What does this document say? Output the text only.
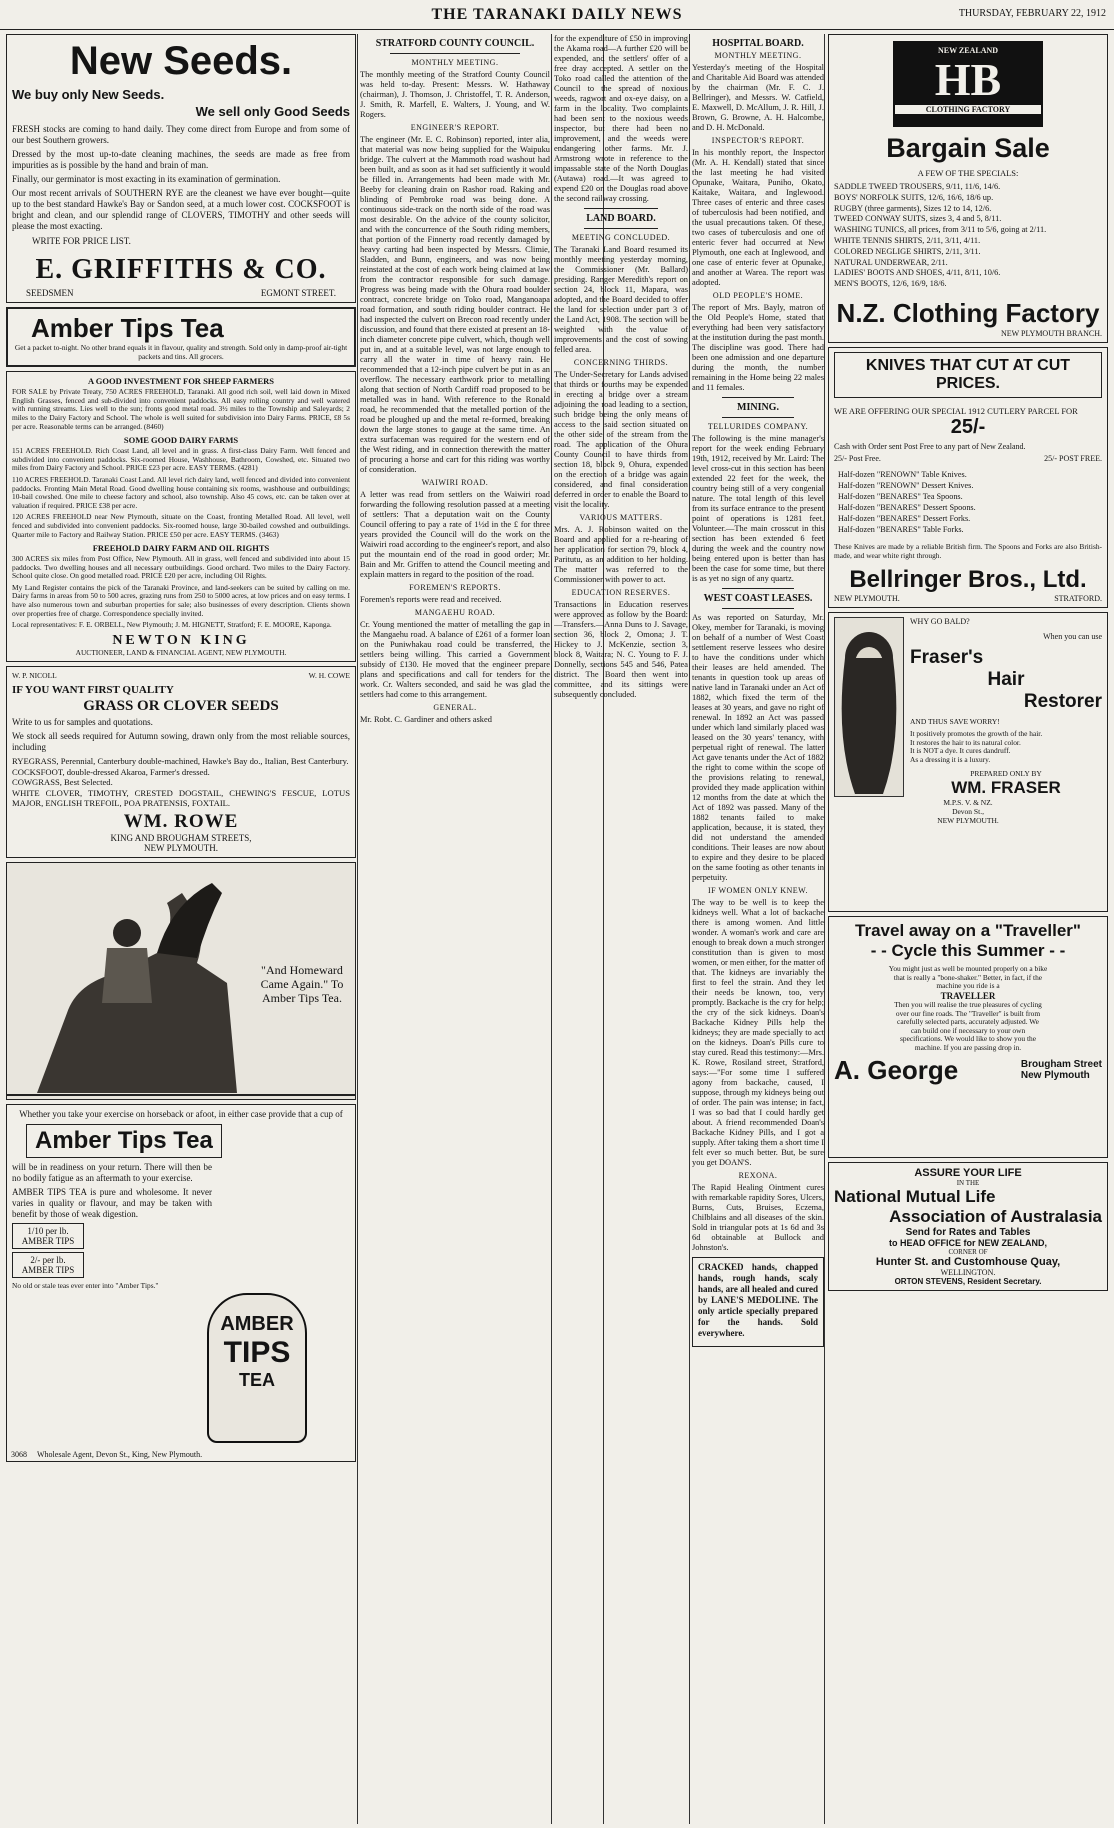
THE TARANAKI DAILY NEWS	THURSDAY, FEBRUARY 22, 1912
New Seeds.
We buy only New Seeds.
We sell only Good Seeds

FRESH stocks are coming to hand daily. They come direct from Europe and from some of our best Southern growers.

Dressed by the most up-to-date cleaning machines, the seeds are made as free from impurities as is possible by the hand and brain of man.

Finally, our germinator is most exacting in its examination of germination.

Our most recent arrivals of SOUTHERN RYE are the cleanest we have ever bought—quite up to the best standard Hawke's Bay or Sandon seed, at a much lower cost. COCKSFOOT is bright and clean, and our splendid range of CLOVERS, TIMOTHY and other seeds will please the most exacting.

WRITE FOR PRICE LIST.
E. GRIFFITHS & CO.
SEEDSMEN	EGMONT STREET.
Amber Tips Tea
Get a packet to-night. No other brand equals it in flavour, quality and strength. Sold only in damp-proof air-tight packets and tins. All grocers.
A GOOD INVESTMENT FOR SHEEP FARMERS

FOR SALE by Private Treaty, 750 ACRES FREEHOLD, Taranaki. All good rich soil, well laid down in Mixed English Grasses, fenced and sub-divided into convenient paddocks. All easy rolling country and well watered with running streams. Lies well to the sun; fronts good metal road. 3½ miles to the Township and Saleyards; 2 miles to the Dairy Factory and School. The whole is well suited for subdivision into Dairy Farms. PRICE, £8 5s per acre. Reasonable terms can be arranged. (8460)

SOME GOOD DAIRY FARMS

151 ACRES FREEHOLD. Rich Coast Land, all level and in grass. A first-class Dairy Farm. Well fenced and subdivided into convenient paddocks. Six-roomed House, Washhouse, Bathroom, Cowshed, etc. Situated two miles from Dairy Factory and School. PRICE £23 per acre. EASY TERMS. (4281)

110 ACRES FREEHOLD. Taranaki Coast Land. All level rich dairy land, well fenced and divided into convenient paddocks. Fronting Main Metal Road. Good dwelling house containing six rooms, washhouse and outbuildings; 10-bail cowshed. One mile to cheese factory and school, also township. Also 45 cows, etc. can be taken over at valuation if required. PRICE £38 per acre.

120 ACRES FREEHOLD near New Plymouth, situate on the Coast, fronting Metalled Road. All level, well fenced and subdivided into convenient paddocks. Six-roomed house, large 30-bailed cowshed and outbuildings. Quarter mile to Factory and Railway Station. PRICE £50 per acre. EASY TERMS. (3463)

FREEHOLD DAIRY FARM AND OIL RIGHTS

300 ACRES six miles from Post Office, New Plymouth. All in grass, well fenced and subdivided into about 15 paddocks. Two dwelling houses and all necessary outbuildings. Good orchard. Two miles to the Dairy Factory. School quite close. On good metalled road. PRICE £20 per acre, including Oil Rights.

My Land Register contains the pick of the Taranaki Province, and land-seekers can be suited by calling on me. Dairy farms in areas from 50 to 500 acres, grazing runs from 250 to 5000 acres, at low prices and on easy terms. I have also numerous town and suburban properties for sale; also businesses of every description. Clients shown over properties free of charge. Correspondence specially invited.

Local representatives: F. E. ORBELL, New Plymouth; J. M. HIGNETT, Stratford; F. E. MOORE, Kaponga.

NEWTON KING
AUCTIONEER, LAND & FINANCIAL AGENT, NEW PLYMOUTH.
W. P. NICOLL	W. H. COWE
IF YOU WANT FIRST QUALITY
GRASS OR CLOVER SEEDS

Write to us for samples and quotations.

We stock all seeds required for Autumn sowing, drawn only from the most reliable sources, including

RYEGRASS, Perennial, Canterbury double-machined, Hawke's Bay do., Italian, Best Canterbury.

COCKSFOOT, double-dressed Akaroa, Farmer's dressed.

COWGRASS, Best Selected.

WHITE CLOVER, TIMOTHY, CRESTED DOGSTAIL, CHEWING'S FESCUE, LOTUS MAJOR, ENGLISH TREFOIL, POA PRATENSIS, FOXTAIL.

WM. ROWE
KING AND BROUGHAM STREETS,
NEW PLYMOUTH.
"And Homeward Came Again." To Amber Tips Tea.

Whether you take your exercise on horseback or afoot, in either case provide that a cup of

Amber Tips Tea

will be in readiness on your return. There will then be no bodily fatigue as an aftermath to your exercise.

AMBER TIPS TEA is pure and wholesome. It never varies in quality or flavour, and may be taken with benefit by those of weak digestion.

1/10 per lb. AMBER TIPS
2/- per lb. AMBER TIPS
No old or stale teas ever enter into "Amber Tips."
AMBER
TIPS
TEA
3068 Wholesale Agent, Devon St., King, New Plymouth.
STRATFORD COUNTY COUNCIL.
MONTHLY MEETING.

The monthly meeting of the Stratford County Council was held to-day. Present: Messrs. W. Hathaway (chairman), J. Thomson, J. Christoffel, T. R. Anderson, J. Smith, R. Marfell, E. Walters, J. Young, and W. Rogers.

ENGINEER'S REPORT.

The engineer (Mr. E. C. Robinson) reported, inter alia, that material was now being supplied for the Waipuku bridge. The culvert at the Mammoth road washout had been built, and as soon as it had set sufficiently it would be filled in. Arrangements had been made with Mr. Beeby for cleaning drain on Rashor road. Raking and blinding of Pembroke road was being done. A continuous side-track on the north side of the road was most desirable. On the advice of the county solicitor, and with the concurrence of the South riding members, that portion of the Finnerty road recently damaged by heavy carting had been inspected by Messrs. Climie, Sladden, and Bunn, engineers, and was now being reinstated at the cost of each work being claimed at law from the contractor responsible for such damage. Progress was being made with the Ohura road boulder contract, concrete bridge on Toko road, Manganoapa road formation, and south riding boulder contract. He had inspected the culvert on Brecon road recently under discussion, and found that there existed at present an 18-inch diameter concrete pipe culvert, which, though well put in, and at a suitable level, was not large enough to carry all the water in time of heavy rain. He recommended that a 12-inch pipe culvert be put in as an overflow. The necessary earthwork prior to metalling along that section of North Cardiff road proposed to be metalled was in hand. With reference to the Ronald road, he recommended that the metalled portion of the road be ploughed up and the metal re-formed, breaking down the large stones to gauge at the same time. An extra surfaceman was required for the western end of the West riding, and in connection therewith the matter of procuring a horse and cart for this riding was worthy of consideration.

WAIWIRI ROAD.

A letter was read from settlers on the Waiwiri road forwarding the following resolution passed at a meeting of settlers: That a deputation wait on the County Council offering to pay a rate of 1½d in the £ for three years provided the Council will do the work on the Waiwiri road according to the engineer's report, and also put the mountain end of the road in good order; Mr. Bain and Mr. Griffen to attend the Council meeting and explain matters in regard to the position of the road.

FOREMEN'S REPORTS.

Foremen's reports were read and received.

MANGAEHU ROAD.

Cr. Young mentioned the matter of metalling the gap in the Mangaehu road. A balance of £261 of a former loan on the Puniwhakau road could be transferred, the settlers being willing. This carried a Government subsidy of £130. He moved that the engineer prepare plans and specifications and call for tenders for the work. Cr. Walters seconded, and said he was glad the settlers had come to this arrangement.

GENERAL.

Mr. Robt. C. Gardiner and others asked

for the expenditure of £50 in improving the Akama road—A further £20 will be expended, and the settlers' offer of a free dray accepted. A settler on the Toko road called the attention of the Council to the spread of noxious weeds, ragwort and ox-eye daisy, on a farm in the locality. Two complaints had been sent to the noxious weeds inspector, but there had been no improvement, and the weeds were endangering other farms. Mr. J. Armstrong wrote in reference to the impassable state of the North Douglas (Autawa) road.—It was agreed to expend £20 on the Douglas road above the second railway crossing.

LAND BOARD.
MEETING CONCLUDED.

The Taranaki Land Board resumed its monthly meeting yesterday morning, the Commissioner (Mr. Ballard) presiding. Ranger Meredith's report on section 24, block 11, Mapara, was adopted, and the Board decided to offer the land for selection under part 3 of the Land Act, 1908. The section will be weighted with the value of improvements and the cost of sowing felled area.

CONCERNING THIRDS.

The Under-Secretary for Lands advised that thirds or fourths may be expended in erecting a bridge over a stream adjoining the road leading to a section, such bridge being the only means of access to the said section situated on the other side of the stream from the road. The application of the Ohura County Council to have thirds from section 18, block 9, Ohura, expended on the erection of a bridge was again considered, and final consideration deferred in order to enable the Board to visit the locality.

VARIOUS MATTERS.

Mrs. A. J. Robinson waited on the Board and applied for a re-hearing of her application for section 79, block 4, Paritutu, as an addition to her holding. The matter was referred to the Commissioner with power to act.

EDUCATION RESERVES.

Transactions in Education reserves were approved as follow by the Board:—Transfers.—Anna Duns to J. Savage, section 36, block 2, Omona; J. T. Hickey to J. McKenzie, section 3, block 8, Waitara; N. C. Young to F. J. Donnelly, sections 545 and 546, Patea district. The Board then went into committee, and its sittings were subsequently concluded.

NEW ZEALAND
HB
CLOTHING FACTORY
Bargain Sale
A FEW OF THE SPECIALS:
SADDLE TWEED TROUSERS, 9/11, 11/6, 14/6.
BOYS' NORFOLK SUITS, 12/6, 16/6, 18/6 up.
RUGBY (three garments), Sizes 12 to 14, 12/6.
TWEED CONWAY SUITS, sizes 3, 4 and 5, 8/11.
WASHING TUNICS, all prices, from 3/11 to 5/6, going at 2/11.
WHITE TENNIS SHIRTS, 2/11, 3/11, 4/11.
COLORED NEGLIGE SHIRTS, 2/11, 3/11.
NATURAL UNDERWEAR, 2/11.
LADIES' BOOTS AND SHOES, 4/11, 8/11, 10/6.
MEN'S BOOTS, 12/6, 16/9, 18/6.
N.Z. Clothing Factory
NEW PLYMOUTH BRANCH.
KNIVES THAT CUT AT CUT PRICES.
WE ARE OFFERING OUR SPECIAL 1912 CUTLERY PARCEL FOR
25/-
Cash with Order sent Post Free to any part of New Zealand.
25/- Post Free.	25/- POST FREE.
Half-dozen "RENOWN" Table Knives.
Half-dozen "RENOWN" Dessert Knives.
Half-dozen "BENARES" Tea Spoons.
Half-dozen "BENARES" Dessert Spoons.
Half-dozen "BENARES" Dessert Forks.
Half-dozen "BENARES" Table Forks.

These Knives are made by a reliable British firm. The Spoons and Forks are also British-made, and wear white right through.

Bellringer Bros., Ltd.
NEW PLYMOUTH.	STRATFORD.
WHY GO BALD?
When you can use
Fraser's
Hair
Restorer
AND THUS SAVE WORRY!
It positively promotes the growth of the hair.
It restores the hair to its natural color.
It is NOT a dye. It cures dandruff.
As a dressing it is a luxury.
PREPARED ONLY BY
WM. FRASER
M.P.S. V. & NZ.
Devon St.,
NEW PLYMOUTH.
Travel away on a "Traveller"
- - Cycle this Summer - -
You might just as well be mounted properly on a bike that is really a "bone-shaker." Better, in fact, if the machine you ride is a
TRAVELLER
Then you will realise the true pleasures of cycling over our fine roads. The "Traveller" is built from carefully selected parts, accurately adjusted. We can build one if necessary to your own specifications. We would like to show you the machine. If you are passing drop in.
A. George	Brougham Street
New Plymouth
ASSURE YOUR LIFE
IN THE
National Mutual Life
Association of Australasia
Send for Rates and Tables
to HEAD OFFICE for NEW ZEALAND,
CORNER OF
Hunter St. and Customhouse Quay,
WELLINGTON.
ORTON STEVENS, Resident Secretary.
HOSPITAL BOARD.
MONTHLY MEETING.

Yesterday's meeting of the Hospital and Charitable Aid Board was attended by the chairman (Mr. F. C. J. Bellringer), and Messrs. W. Catfield, E. Maxwell, D. McAllum, J. R. Hill, J. Brown, G. Browne, A. H. Halcombe, and D. H. McDonald.

INSPECTOR'S REPORT.

In his monthly report, the Inspector (Mr. A. H. Kendall) stated that since the last meeting he had visited Opunake, Waitara, Puniho, Okato, Kaitake, Waitara, and Inglewood. Three cases of enteric and three cases of tuberculosis had been notified, and the usual precautions taken. Of these, two cases of tuberculosis and one of enteric fever had occurred at New Plymouth, one each at Inglewood, and one case of enteric fever at Opunake, and another at Warea. The report was adopted.

OLD PEOPLE'S HOME.

The report of Mrs. Bayly, matron of the Old People's Home, stated that everything had been very satisfactory at the institution during the past month. The discipline was good. There had been one admission and one departure during the month, the number remaining in the Home being 22 males and 11 females.

MINING.
TELLURIDES COMPANY.

The following is the mine manager's report for the week ending February 19th, 1912, received by Mr. Laird: The level cross-cut in this section has been extended 22 feet for the week, the country being still of a very congenial nature. The total length of this level from its surface entrance to the present point of operations is 1281 feet. Volunteer.—The main crosscut in this section has been extended 6 feet during the week and the country now being entered upon is better than has been the case for some time, but there is as yet no sign of any quartz.

WEST COAST LEASES.

As was reported on Saturday, Mr. Okey, member for Taranaki, is moving on behalf of a number of West Coast settlement reserve lessees who desire to have the conditions under which their leases are held amended. The tenants in question took up areas of native land in Taranaki under an Act of 1882, which fixed the term of the leases at 30 years, and gave no right of renewal. In 1892 an Act was passed under which land similarly placed was leased on the 30 years' tenancy, with perpetual right of renewal. The latter Act gave tenants under the Act of 1882 the right to come within the scope of the provisions relating to renewal, provided they made application within 12 months from the date at which the Act of 1892 was passed. Many of the 1882 tenants failed to make application, because, it is stated, they did not understand the amended conditions. Their leases are now about to expire and they desire to be placed on the same footing as other tenants in perpetuity.

IF WOMEN ONLY KNEW.

The way to be well is to keep the kidneys well. What a lot of backache there is among women. And little wonder. A woman's work and care are enough to break down a much stronger constitution than is given to most women, or men either, for the matter of that. The kidneys are invariably the first to feel the strain. And they let their needs be known, too, very promptly. Backache is the cry for help; the cry of the sick kidneys. Doan's Backache Kidney Pills help the kidneys; they are made specially to act on the kidneys. Doan's Pills cure to stay cured. Read this testimony:—Mrs. K. Rowe, Rosiland street, Stratford, says:—"For some time I suffered agony from backache, caused, I suppose, through my kidneys being out of order. The pain was intense; in fact, I was so bad that I could hardly get about. A friend recommended Doan's Backache Kidney Pills, and I got a supply. After taking them a short time I felt ever so much better. But, be sure you get DOAN'S.

REXONA.

The Rapid Healing Ointment cures with remarkable rapidity Sores, Ulcers, Burns, Cuts, Bruises, Eczema, Chilblains and all diseases of the skin. Sold in triangular pots at 1s 6d and 3s 6d obtainable at Bullock and Johnston's.

CRACKED hands, chapped hands, rough hands, scaly hands, are all healed and cured by LANE'S MEDOLINE. The only article specially prepared for the hands. Sold everywhere.
